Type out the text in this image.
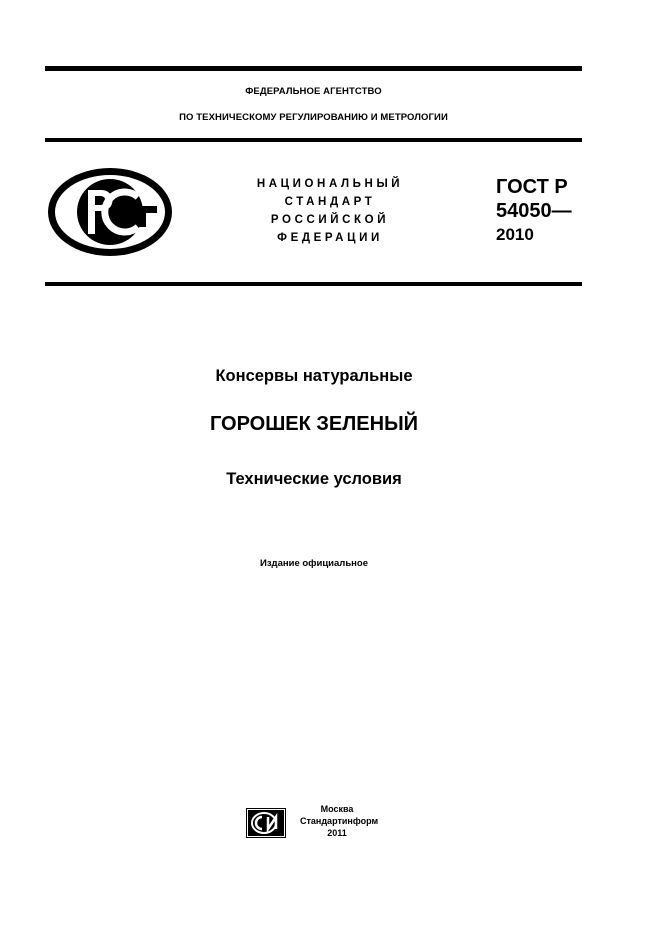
ФЕДЕРАЛЬНОЕ АГЕНТСТВО
ПО ТЕХНИЧЕСКОМУ РЕГУЛИРОВАНИЮ И МЕТРОЛОГИИ
НАЦИОНАЛЬНЫЙ
СТАНДАРТ
РОССИЙСКОЙ
ФЕДЕРАЦИИ
ГОСТ Р
54050—
2010
Консервы натуральные
ГОРОШЕК ЗЕЛЕНЫЙ
Технические условия
Издание официальное
Москва
Стандартинформ
2011
